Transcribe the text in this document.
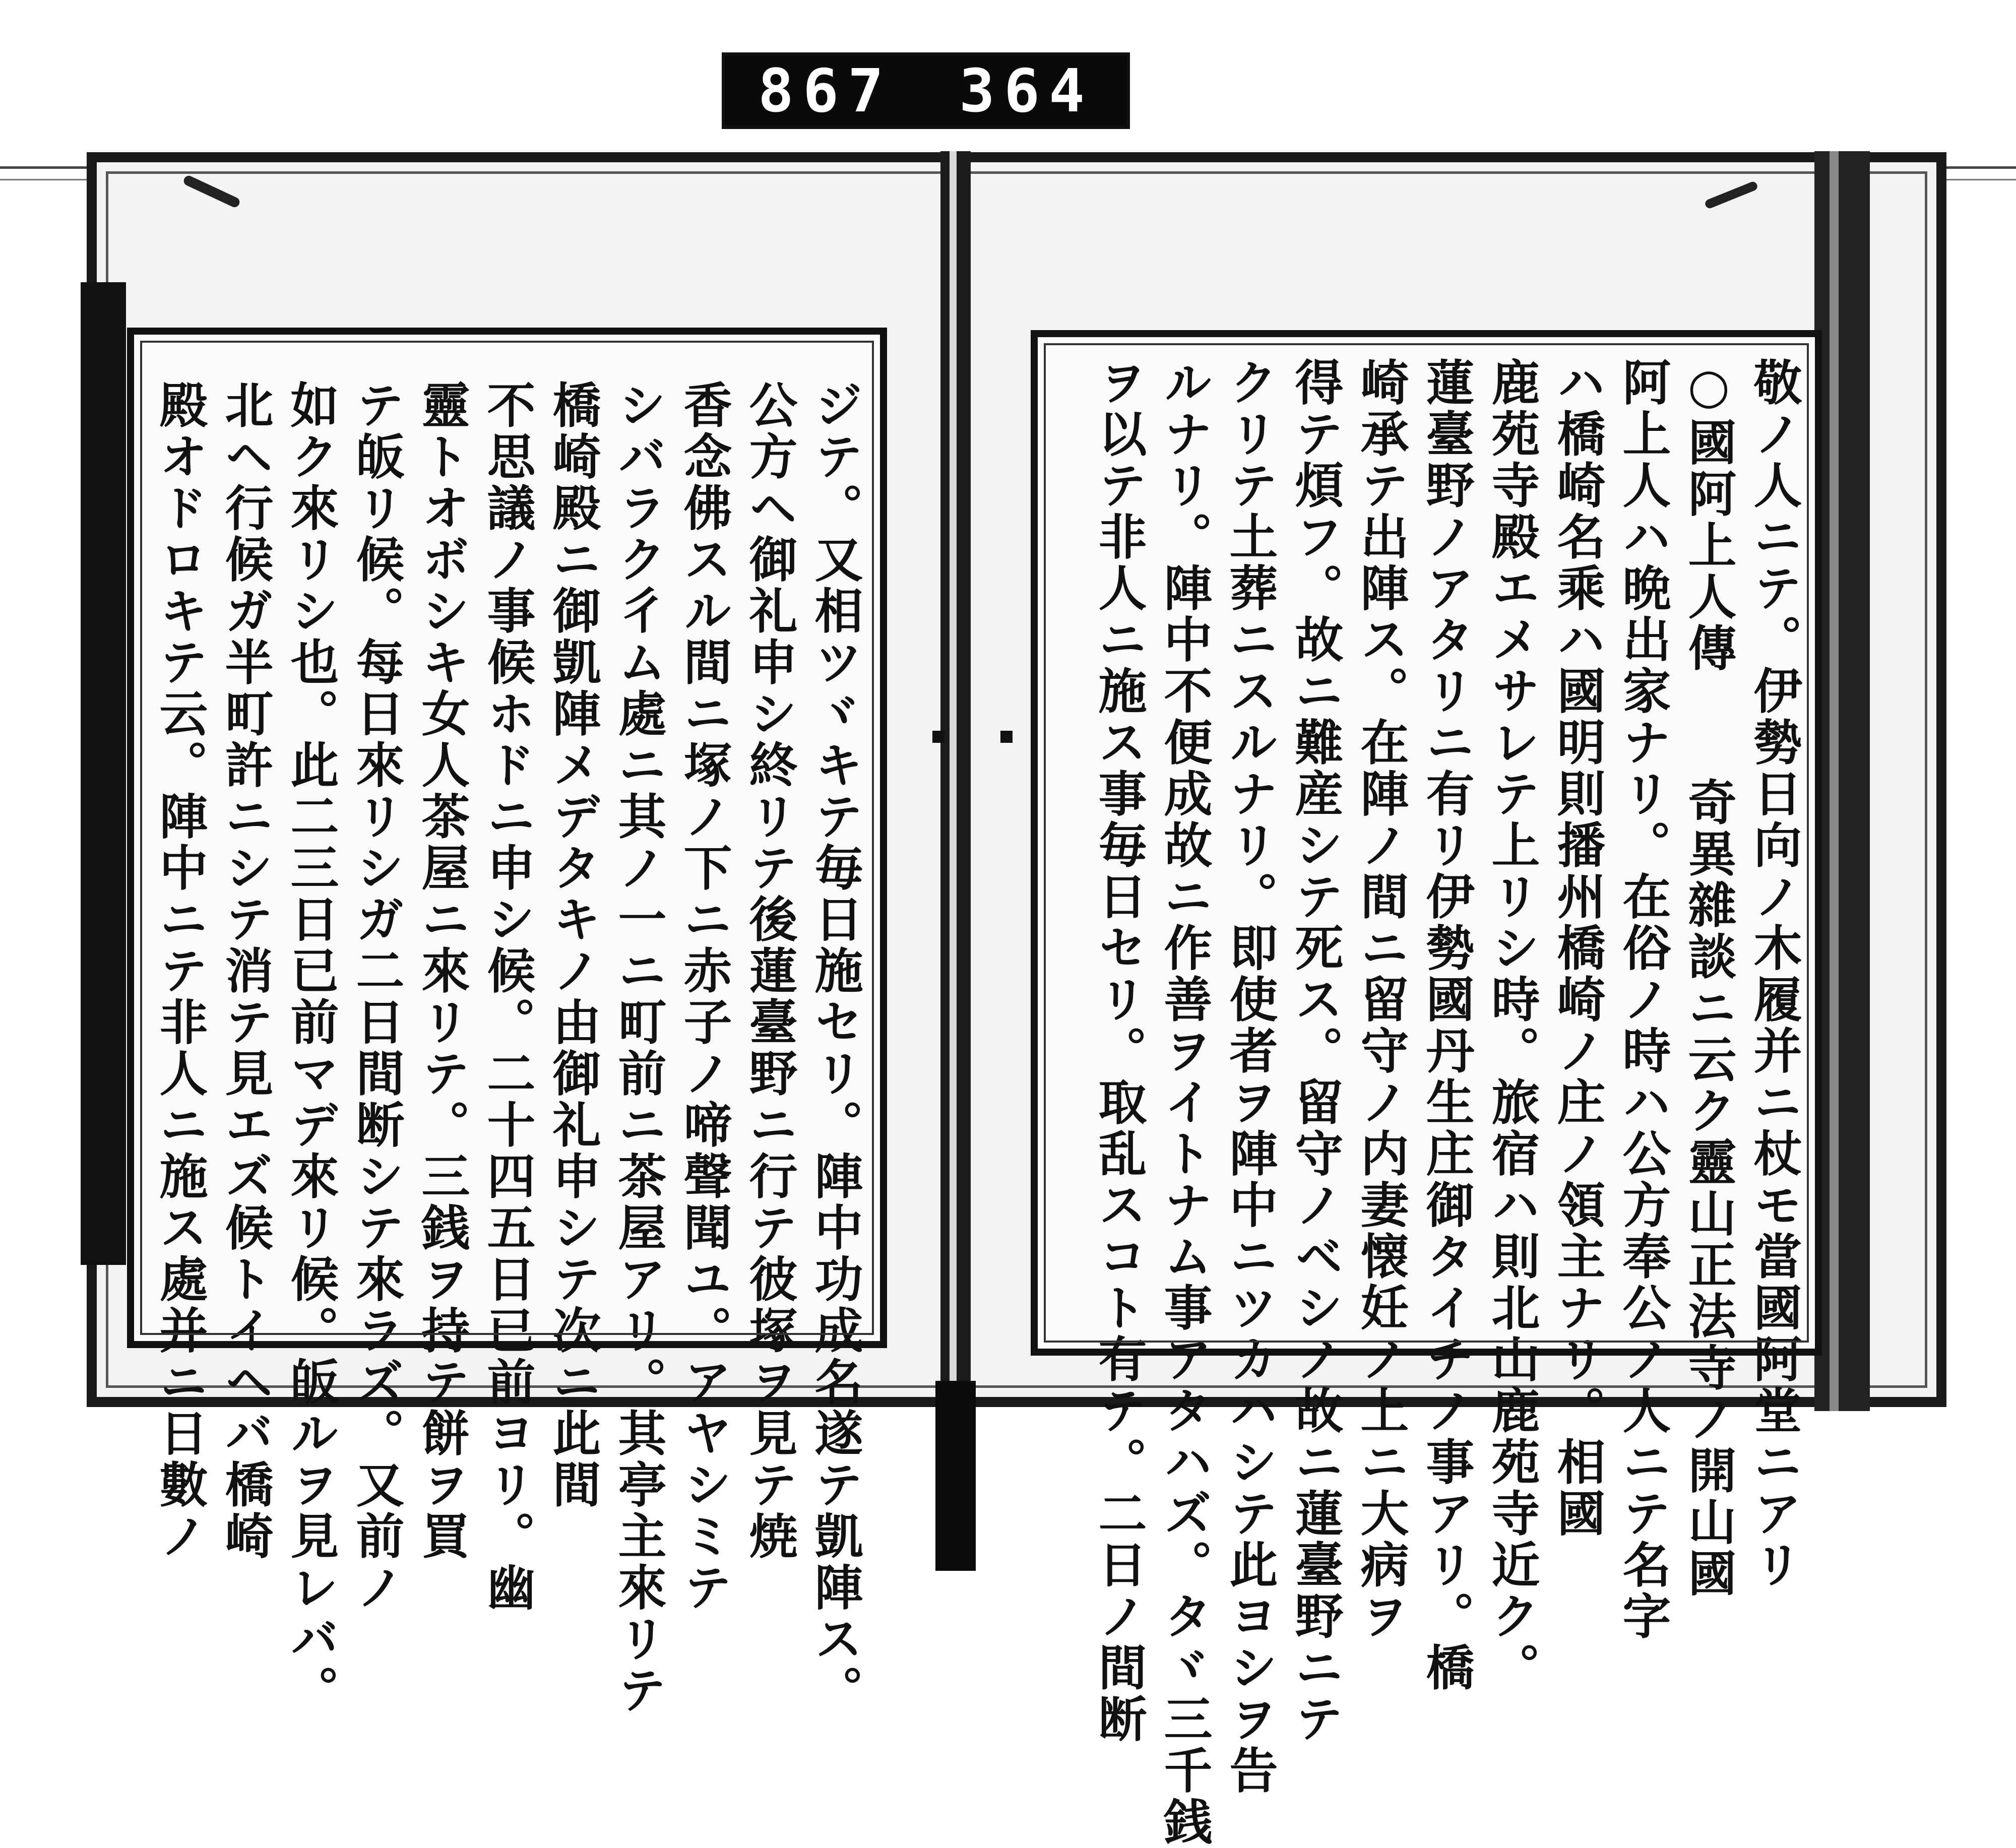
867 364
敬ノ人ニテ。伊勢日向ノ木履并ニ杖モ當國阿堂ニアリ
○國阿上人傳　　奇異雜談ニ云ク靈山正法寺ノ開山國
阿上人ハ晩出家ナリ。在俗ノ時ハ公方奉公ノ人ニテ名字
ハ橋崎名乘ハ國明則播州橋崎ノ庄ノ領主ナリ。相國
鹿苑寺殿エメサレテ上リシ時。旅宿ハ則北山鹿苑寺近ク。
蓮臺野ノアタリニ有リ伊勢國丹生庄御タイチノ事アリ。橋
崎承テ出陣ス。在陣ノ間ニ留守ノ内妻懐妊ノ上ニ大病ヲ
得テ煩フ。故ニ難産シテ死ス。留守ノベシノ故ニ蓮臺野ニテ
クリテ土葬ニスルナリ。即使者ヲ陣中ニツカハシテ此ヨシヲ告
ルナリ。陣中不便成故ニ作善ヲイトナム事アタハズ。タヾ三千銭
ヲ以テ非人ニ施ス事毎日セリ。取乱スコト有テ。二日ノ間断
ジテ。又相ツヾキテ毎日施セリ。陣中功成名遂テ凱陣ス。
公方ヘ御礼申シ終リテ後蓮臺野ニ行テ彼塚ヲ見テ焼
香念佛スル間ニ塚ノ下ニ赤子ノ啼聲聞ユ。アヤシミテ
シバラク彳ム處ニ其ノ一ニ町前ニ茶屋アリ。其亭主來リテ
橋崎殿ニ御凱陣メデタキノ由御礼申シテ次ニ此間
不思議ノ事候ホドニ申シ候。二十四五日已前ヨリ。幽
靈トオボシキ女人茶屋ニ來リテ。三銭ヲ持テ餅ヲ買
テ皈リ候。每日來リシガ二日間断シテ來ラズ。又前ノ
如ク來リシ也。此二三日已前マデ來リ候。皈ルヲ見レバ。
北ヘ行候ガ半町許ニシテ消テ見エズ候トイヘバ橋崎
殿オドロキテ云。陣中ニテ非人ニ施ス處并ニ日數ノ
